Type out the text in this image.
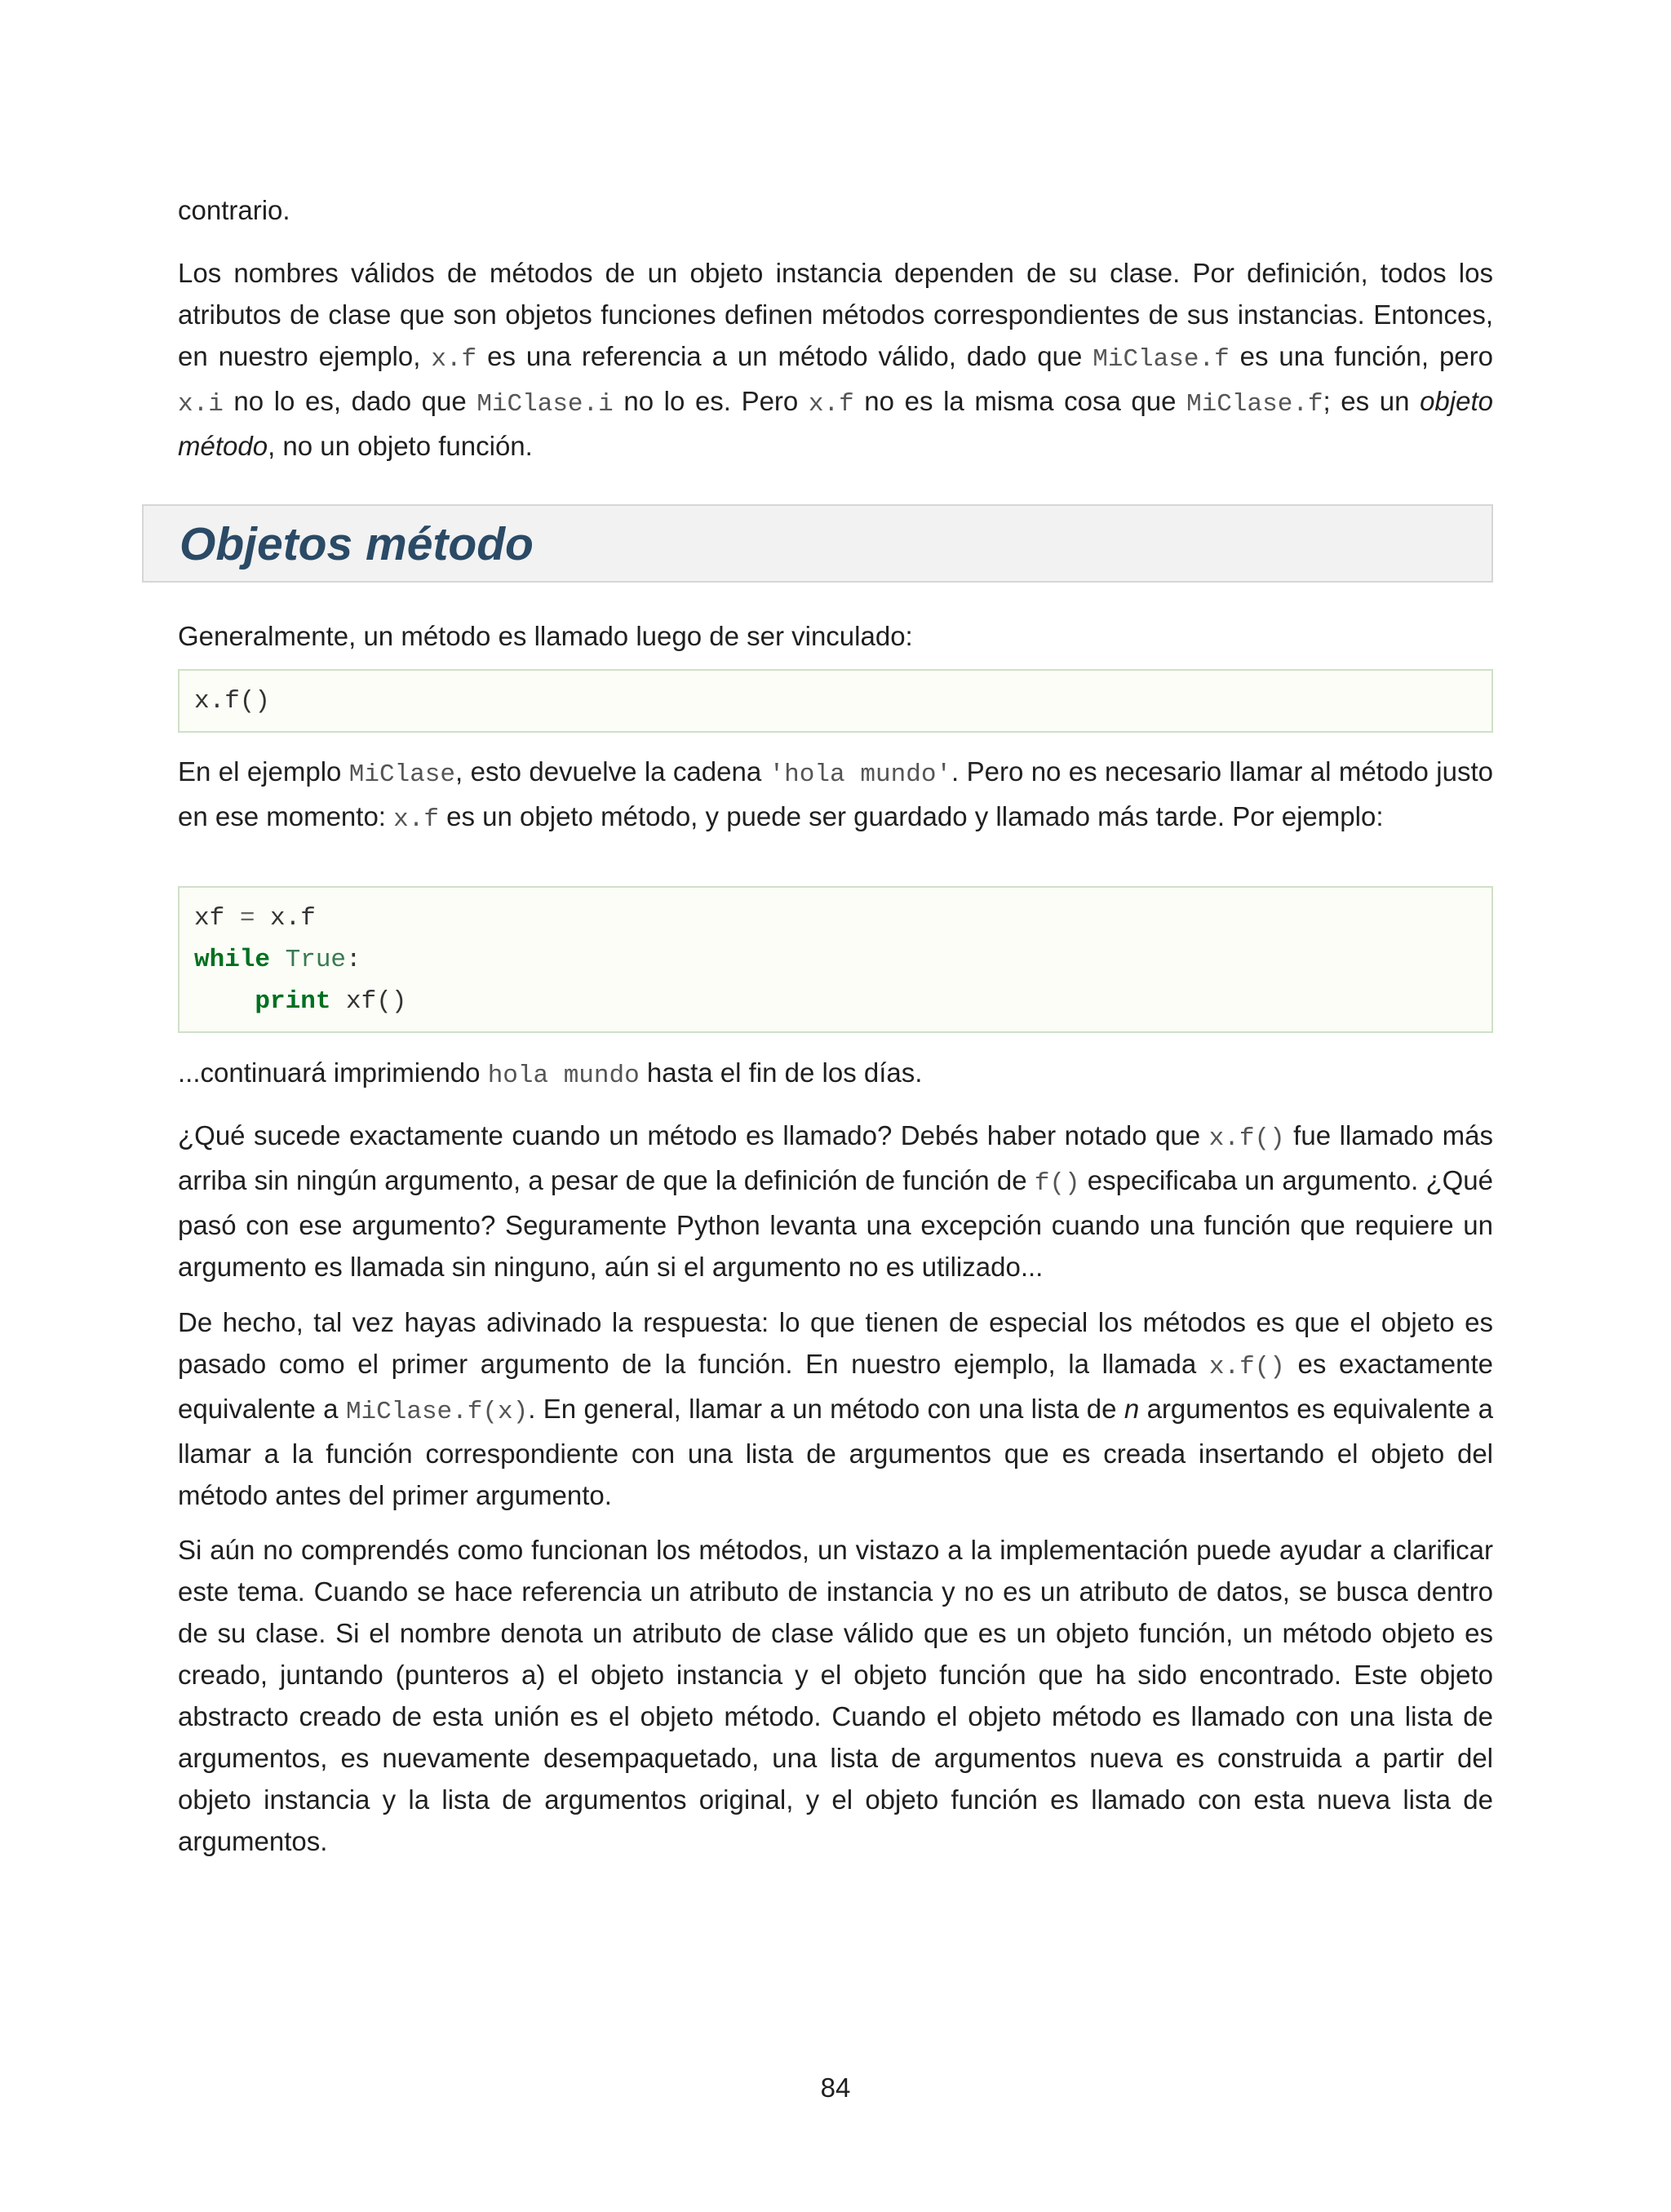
contrario.

Los nombres válidos de métodos de un objeto instancia dependen de su clase. Por definición, todos los atributos de clase que son objetos funciones definen métodos correspondientes de sus instancias. Entonces, en nuestro ejemplo, x.f es una referencia a un método válido, dado que MiClase.f es una función, pero x.i no lo es, dado que MiClase.i no lo es. Pero x.f no es la misma cosa que MiClase.f; es un objeto método, no un objeto función.

Objetos método

Generalmente, un método es llamado luego de ser vinculado:

x.f()

En el ejemplo MiClase, esto devuelve la cadena 'hola mundo'. Pero no es necesario llamar al método justo en ese momento: x.f es un objeto método, y puede ser guardado y llamado más tarde. Por ejemplo:

xf = x.f
while True:
print xf()

...continuará imprimiendo hola mundo hasta el fin de los días.

¿Qué sucede exactamente cuando un método es llamado? Debés haber notado que x.f() fue llamado más arriba sin ningún argumento, a pesar de que la definición de función de f() especificaba un argumento. ¿Qué pasó con ese argumento? Seguramente Python levanta una excepción cuando una función que requiere un argumento es llamada sin ninguno, aún si el argumento no es utilizado...

De hecho, tal vez hayas adivinado la respuesta: lo que tienen de especial los métodos es que el objeto es pasado como el primer argumento de la función. En nuestro ejemplo, la llamada x.f() es exactamente equivalente a MiClase.f(x). En general, llamar a un método con una lista de n argumentos es equivalente a llamar a la función correspondiente con una lista de argumentos que es creada insertando el objeto del método antes del primer argumento.

Si aún no comprendés como funcionan los métodos, un vistazo a la implementación puede ayudar a clarificar este tema. Cuando se hace referencia un atributo de instancia y no es un atributo de datos, se busca dentro de su clase. Si el nombre denota un atributo de clase válido que es un objeto función, un método objeto es creado, juntando (punteros a) el objeto instancia y el objeto función que ha sido encontrado. Este objeto abstracto creado de esta unión es el objeto método. Cuando el objeto método es llamado con una lista de argumentos, es nuevamente desempaquetado, una lista de argumentos nueva es construida a partir del objeto instancia y la lista de argumentos original, y el objeto función es llamado con esta nueva lista de argumentos.

84
